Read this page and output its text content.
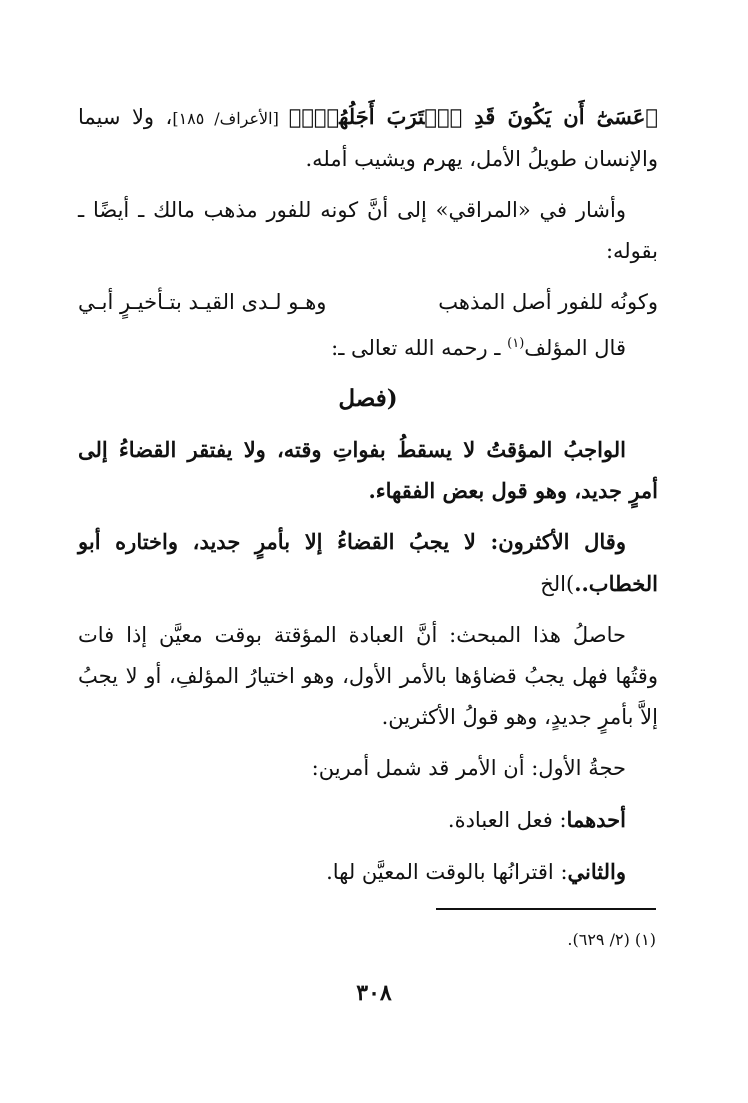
﴿عَسَىٰٓ أَن يَكُونَ قَدِ ٱقۡتَرَبَ أَجَلُهُمۡۖ﴾ [الأعراف/ ١٨٥]، ولا سيما والإنسان طويلُ الأمل، يهرم ويشيب أمله.

وأشار في «المراقي» إلى أنَّ كونه للفور مذهب مالك ـ أيضًا ـ بقوله:

وكونُه للفور أصل المذهب
وهـو لـدى القيـد بتـأخيـرٍ أبـي

قال المؤلف$^{(١)}$ ـ رحمه الله تعالى ـ:

(فصل

الواجبُ المؤقتُ لا يسقطُ بفواتِ وقته، ولا يفتقر القضاءُ إلى أمرٍ جديد، وهو قول بعض الفقهاء.

وقال الأكثرون: لا يجبُ القضاءُ إلا بأمرٍ جديد، واختاره أبو الخطاب..)الخ

حاصلُ هذا المبحث: أنَّ العبادة المؤقتة بوقت معيَّن إذا فات وقتُها فهل يجبُ قضاؤها بالأمر الأول، وهو اختيارُ المؤلفِ، أو لا يجبُ إلاَّ بأمرٍ جديدٍ، وهو قولُ الأكثرين.

حجةُ الأول: أن الأمر قد شمل أمرين:

أحدهما: فعل العبادة.

والثاني: اقترانُها بالوقت المعيَّن لها.

(١) (٢/ ٦٢٩).
٣٠٨
